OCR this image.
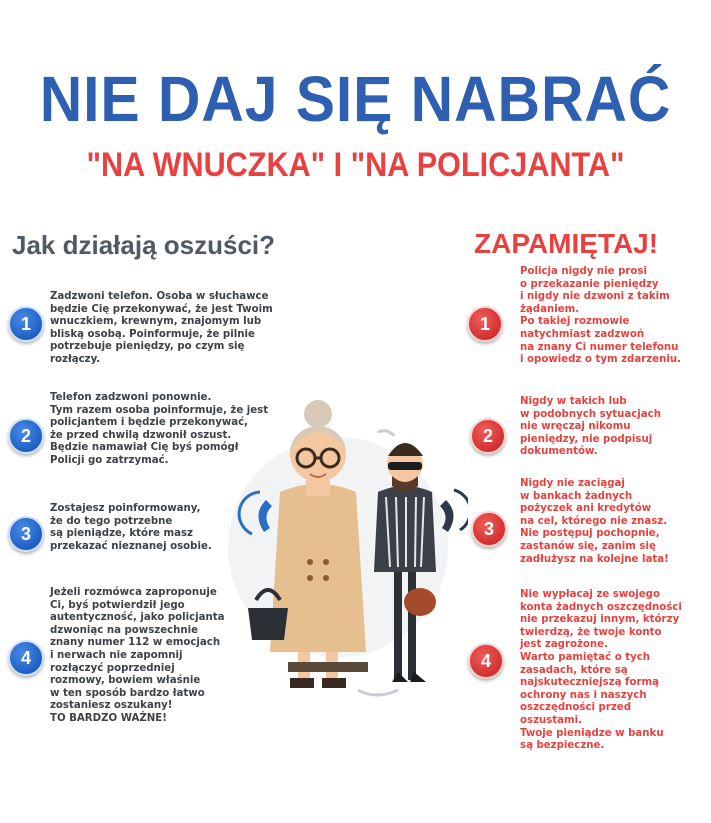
NIE DAJ SIĘ NABRAĆ
"NA WNUCZKA" I "NA POLICJANTA"
Jak działają oszuści?	ZAPAMIĘTAJ!
1
Zadzwoni telefon. Osoba w słuchawce
będzie Cię przekonywać, że jest Twoim
wnuczkiem, krewnym, znajomym lub
bliską osobą. Poinformuje, że pilnie
potrzebuje pieniędzy, po czym się
rozłączy.
2
Telefon zadzwoni ponownie.
Tym razem osoba poinformuje, że jest
policjantem i będzie przekonywać,
że przed chwilą dzwonił oszust.
Będzie namawiał Cię byś pomógł
Policji go zatrzymać.
3
Zostajesz poinformowany,
że do tego potrzebne
są pieniądze, które masz
przekazać nieznanej osobie.
4
Jeżeli rozmówca zaproponuje
Ci, byś potwierdził jego
autentyczność, jako policjanta
dzwoniąc na powszechnie
znany numer 112 w emocjach
i nerwach nie zapomnij
rozłączyć poprzedniej
rozmowy, bowiem właśnie
w ten sposób bardzo łatwo
zostaniesz oszukany!
TO BARDZO WAŻNE!
1
Policja nigdy nie prosi
o przekazanie pieniędzy
i nigdy nie dzwoni z takim
żądaniem.
Po takiej rozmowie
natychmiast zadzwoń
na znany Ci numer telefonu
i opowiedz o tym zdarzeniu.
2
Nigdy w takich lub
w podobnych sytuacjach
nie wręczaj nikomu
pieniędzy, nie podpisuj
dokumentów.
3
Nigdy nie zaciągaj
w bankach żadnych
pożyczek ani kredytów
na cel, którego nie znasz.
Nie postępuj pochopnie,
zastanów się, zanim się
zadłużysz na kolejne lata!
4
Nie wypłacaj ze swojego
konta żadnych oszczędności
nie przekazuj innym, którzy
twierdzą, że twoje konto
jest zagrożone.
Warto pamiętać o tych
zasadach, które są
najskuteczniejszą formą
ochrony nas i naszych
oszczędności przed
oszustami.
Twoje pieniądze w banku
są bezpieczne.
